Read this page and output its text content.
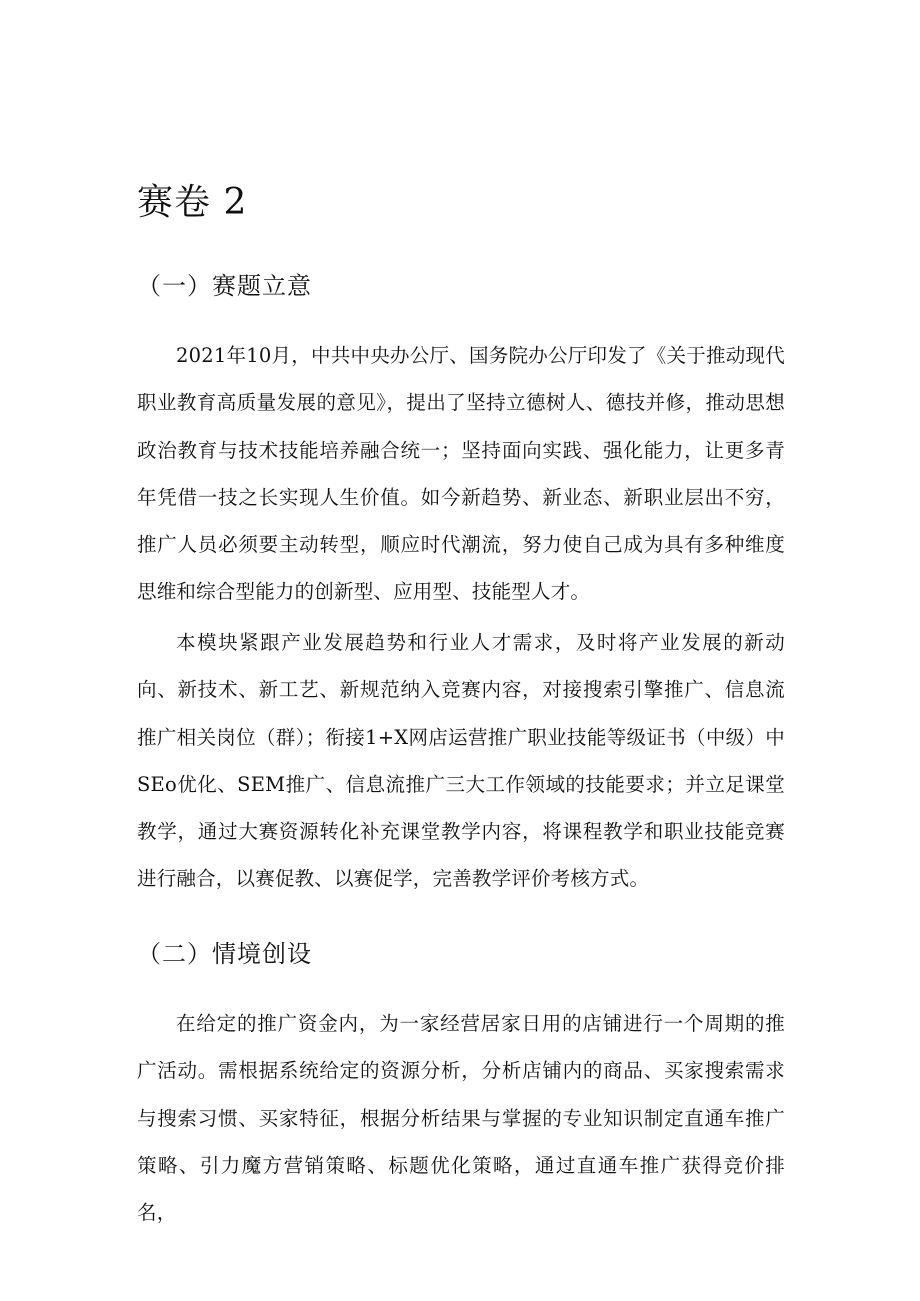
赛卷 2
（一）赛题立意

2021年10月，中共中央办公厅、国务院办公厅印发了《关于推动现代职业教育高质量发展的意见》，提出了坚持立德树人、德技并修，推动思想政治教育与技术技能培养融合统一；坚持面向实践、强化能力，让更多青年凭借一技之长实现人生价值。如今新趋势、新业态、新职业层出不穷，推广人员必须要主动转型，顺应时代潮流，努力使自己成为具有多种维度思维和综合型能力的创新型、应用型、技能型人才。

本模块紧跟产业发展趋势和行业人才需求，及时将产业发展的新动向、新技术、新工艺、新规范纳入竞赛内容，对接搜索引擎推广、信息流推广相关岗位（群）；衔接1+X网店运营推广职业技能等级证书（中级）中SEo优化、SEM推广、信息流推广三大工作领域的技能要求；并立足课堂教学，通过大赛资源转化补充课堂教学内容，将课程教学和职业技能竞赛进行融合，以赛促教、以赛促学，完善教学评价考核方式。

（二）情境创设

在给定的推广资金内，为一家经营居家日用的店铺进行一个周期的推广活动。需根据系统给定的资源分析，分析店铺内的商品、买家搜索需求与搜索习惯、买家特征，根据分析结果与掌握的专业知识制定直通车推广策略、引力魔方营销策略、标题优化策略，通过直通车推广获得竞价排名，
